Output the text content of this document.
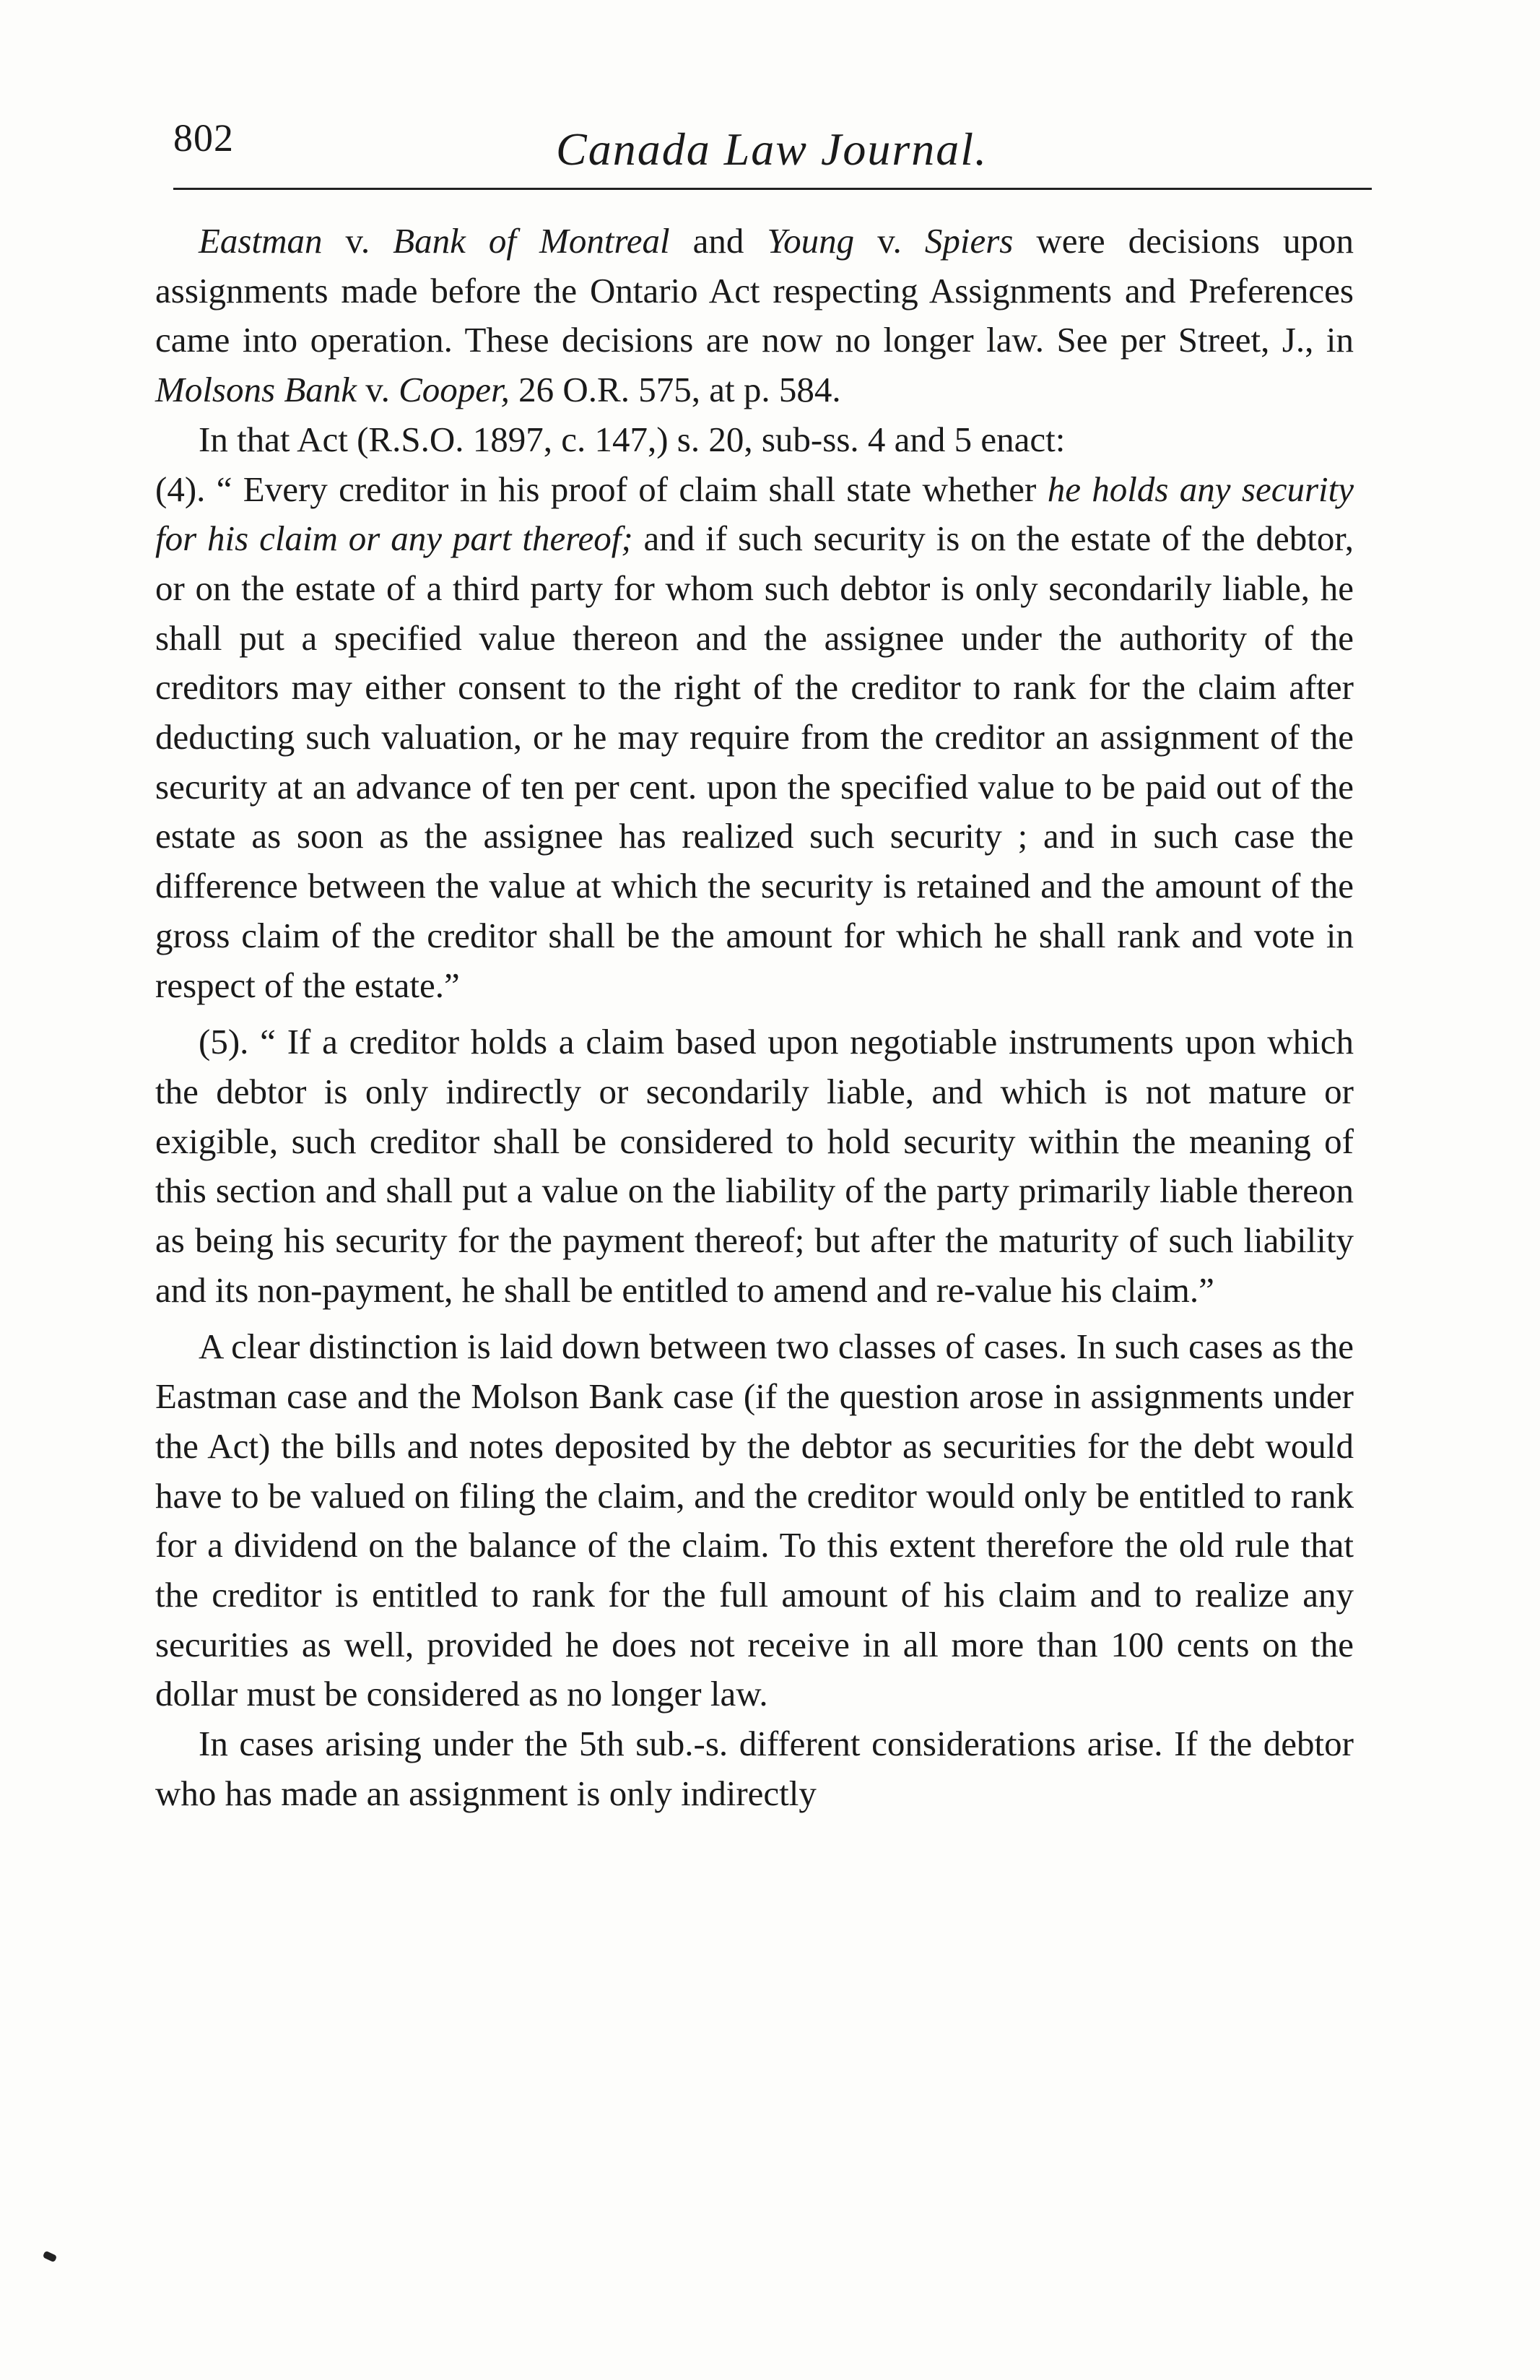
802	Canada Law Journal.

Eastman v. Bank of Montreal and Young v. Spiers were decisions upon assignments made before the Ontario Act respecting Assignments and Preferences came into operation. These decisions are now no longer law. See per Street, J., in Molsons Bank v. Cooper, 26 O.R. 575, at p. 584.

In that Act (R.S.O. 1897, c. 147,) s. 20, sub-ss. 4 and 5 enact:

(4). “ Every creditor in his proof of claim shall state whether he holds any security for his claim or any part thereof; and if such security is on the estate of the debtor, or on the estate of a third party for whom such debtor is only secondarily liable, he shall put a specified value thereon and the assignee under the authority of the creditors may either consent to the right of the creditor to rank for the claim after deducting such valuation, or he may require from the creditor an assignment of the security at an advance of ten per cent. upon the specified value to be paid out of the estate as soon as the assignee has realized such security ; and in such case the difference between the value at which the security is retained and the amount of the gross claim of the creditor shall be the amount for which he shall rank and vote in respect of the estate.”

(5). “ If a creditor holds a claim based upon negotiable instruments upon which the debtor is only indirectly or secondarily liable, and which is not mature or exigible, such creditor shall be considered to hold security within the meaning of this section and shall put a value on the liability of the party primarily liable thereon as being his security for the payment thereof; but after the maturity of such liability and its non-payment, he shall be entitled to amend and re-value his claim.”

A clear distinction is laid down between two classes of cases. In such cases as the Eastman case and the Molson Bank case (if the question arose in assignments under the Act) the bills and notes deposited by the debtor as securities for the debt would have to be valued on filing the claim, and the creditor would only be entitled to rank for a dividend on the balance of the claim. To this extent therefore the old rule that the creditor is entitled to rank for the full amount of his claim and to realize any securities as well, provided he does not receive in all more than 100 cents on the dollar must be considered as no longer law.

In cases arising under the 5th sub.-s. different considerations arise. If the debtor who has made an assignment is only indirectly
